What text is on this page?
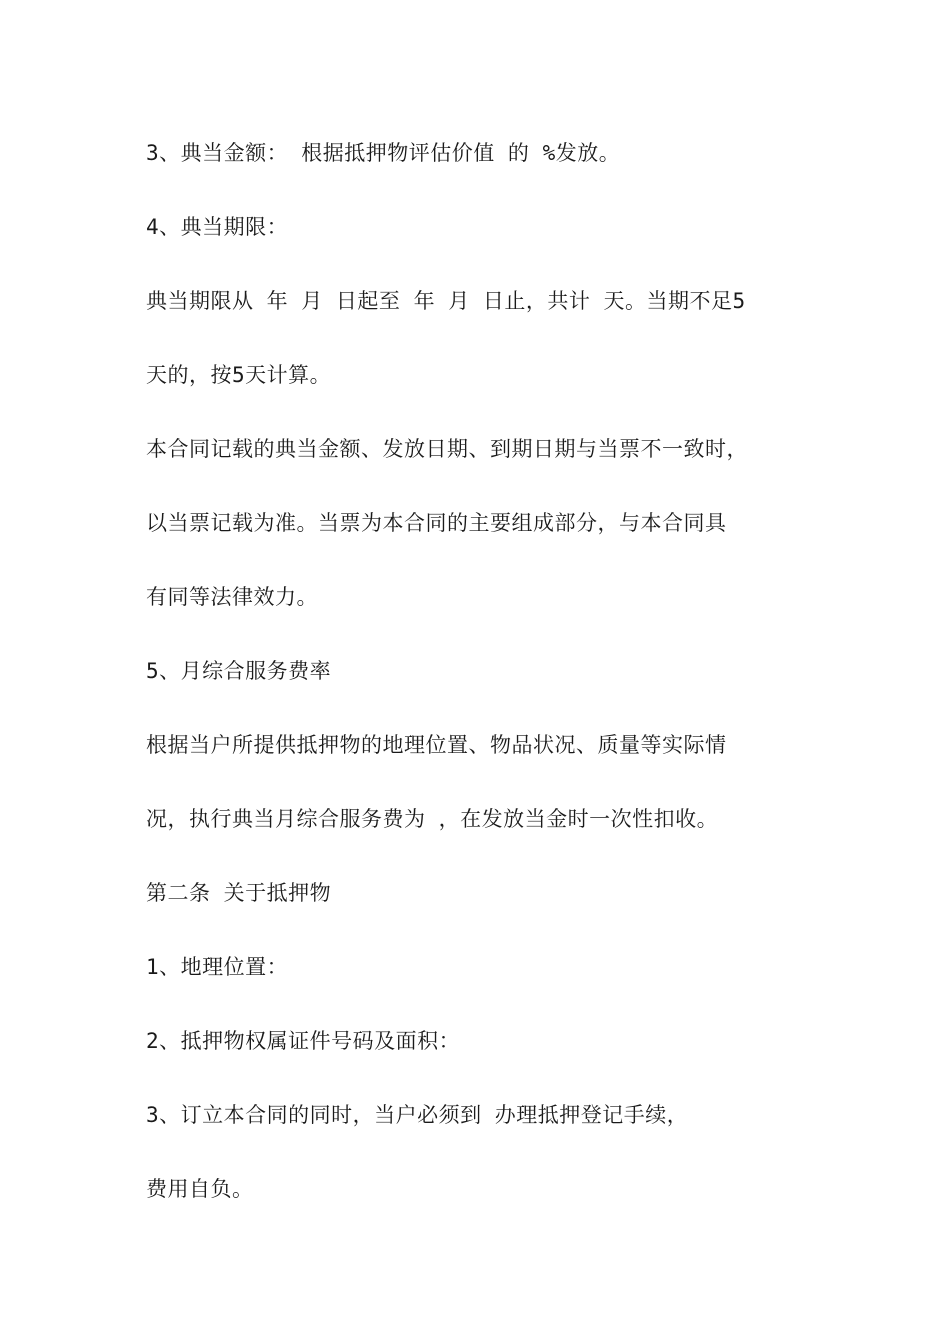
3、典当金额： 根据抵押物评估价值 的 %发放。
4、典当期限：
典当期限从 年 月 日起至 年 月 日止，共计 天。当期不足5
天的，按5天计算。
本合同记载的典当金额、发放日期、到期日期与当票不一致时，
以当票记载为准。当票为本合同的主要组成部分，与本合同具
有同等法律效力。
5、月综合服务费率
根据当户所提供抵押物的地理位置、物品状况、质量等实际情
况，执行典当月综合服务费为 ，在发放当金时一次性扣收。
第二条 关于抵押物
1、地理位置：
2、抵押物权属证件号码及面积：
3、订立本合同的同时，当户必须到 办理抵押登记手续，
费用自负。
